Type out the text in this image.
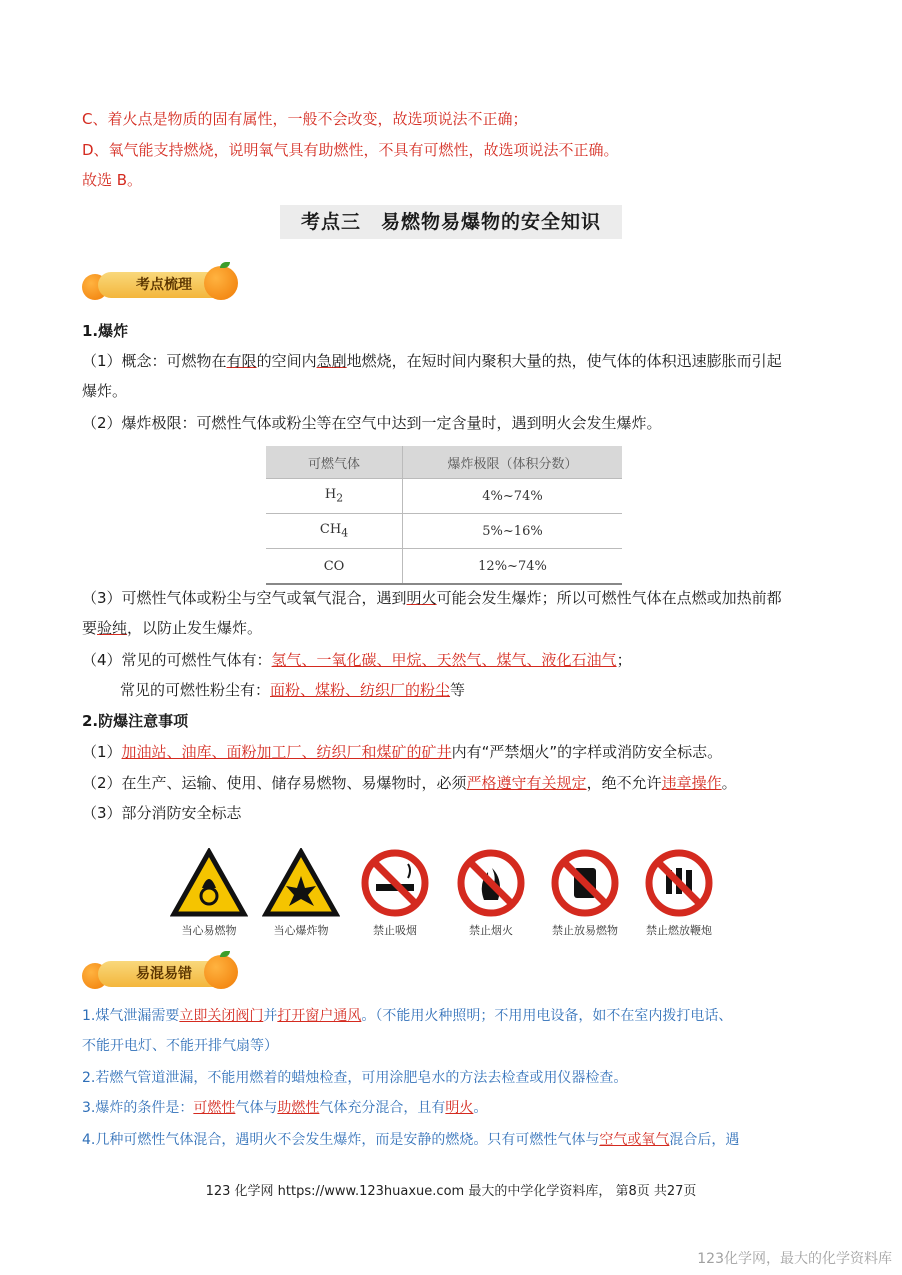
C、着火点是物质的固有属性，一般不会改变，故选项说法不正确；
D、氧气能支持燃烧，说明氧气具有助燃性，不具有可燃性，故选项说法不正确。
故选 B。
考点三　易燃物易爆物的安全知识
考点梳理
1.爆炸
（1）概念：可燃物在有限的空间内急剧地燃烧，在短时间内聚积大量的热，使气体的体积迅速膨胀而引起
爆炸。
（2）爆炸极限：可燃性气体或粉尘等在空气中达到一定含量时，遇到明火会发生爆炸。
可燃气体	爆炸极限（体积分数）
$H_2$	4%~74%
$CH_4$	5%~16%
CO	12%~74%
（3）可燃性气体或粉尘与空气或氧气混合，遇到明火可能会发生爆炸；所以可燃性气体在点燃或加热前都
要验纯，以防止发生爆炸。
（4）常见的可燃性气体有：氢气、一氧化碳、甲烷、天然气、煤气、液化石油气；
常见的可燃性粉尘有：面粉、煤粉、纺织厂的粉尘等
2.防爆注意事项
（1）加油站、油库、面粉加工厂、纺织厂和煤矿的矿井内有“严禁烟火”的字样或消防安全标志。
（2）在生产、运输、使用、储存易燃物、易爆物时，必须严格遵守有关规定，绝不允许违章操作。
（3）部分消防安全标志
当心易燃物	当心爆炸物	禁止吸烟	禁止烟火	禁止放易燃物	禁止燃放鞭炮
易混易错
1.煤气泄漏需要立即关闭阀门并打开窗户通风。（不能用火种照明；不用用电设备，如不在室内拨打电话、
不能开电灯、不能开排气扇等）
2.若燃气管道泄漏，不能用燃着的蜡烛检查，可用涂肥皂水的方法去检查或用仪器检查。
3.爆炸的条件是：可燃性气体与助燃性气体充分混合，且有明火。
4.几种可燃性气体混合，遇明火不会发生爆炸，而是安静的燃烧。只有可燃性气体与空气或氧气混合后，遇
123 化学网 https://www.123huaxue.com 最大的中学化学资料库， 第8页 共27页
123化学网，最大的化学资料库
